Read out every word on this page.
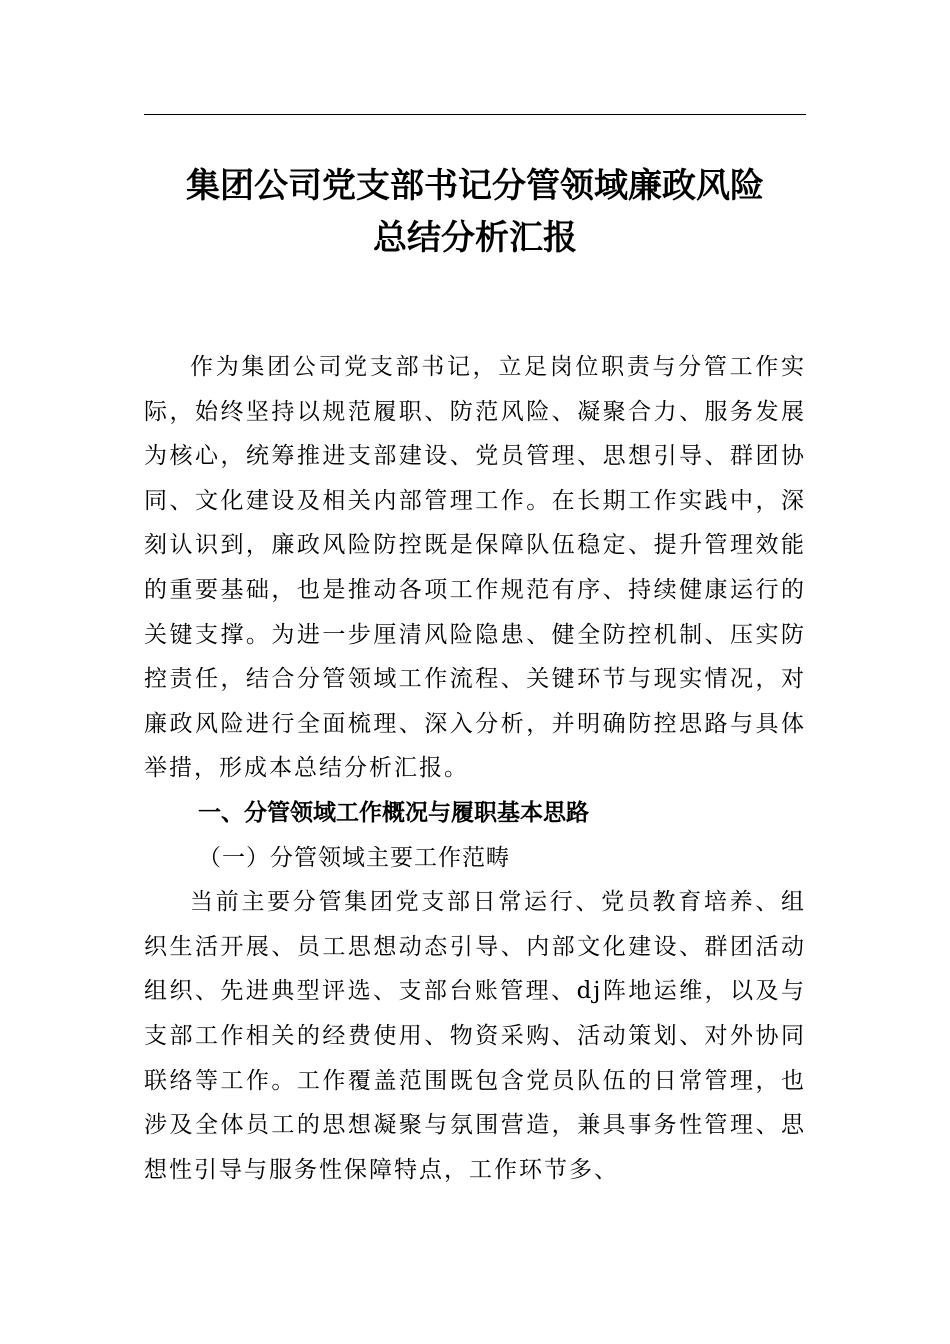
集团公司党支部书记分管领域廉政风险
总结分析汇报

作为集团公司党支部书记，立足岗位职责与分管工作实际，始终坚持以规范履职、防范风险、凝聚合力、服务发展为核心，统筹推进支部建设、党员管理、思想引导、群团协同、文化建设及相关内部管理工作。在长期工作实践中，深刻认识到，廉政风险防控既是保障队伍稳定、提升管理效能的重要基础，也是推动各项工作规范有序、持续健康运行的关键支撑。为进一步厘清风险隐患、健全防控机制、压实防控责任，结合分管领域工作流程、关键环节与现实情况，对廉政风险进行全面梳理、深入分析，并明确防控思路与具体举措，形成本总结分析汇报。

一、分管领域工作概况与履职基本思路

（一）分管领域主要工作范畴

当前主要分管集团党支部日常运行、党员教育培养、组织生活开展、员工思想动态引导、内部文化建设、群团活动组织、先进典型评选、支部台账管理、dj阵地运维，以及与支部工作相关的经费使用、物资采购、活动策划、对外协同联络等工作。工作覆盖范围既包含党员队伍的日常管理，也涉及全体员工的思想凝聚与氛围营造，兼具事务性管理、思想性引导与服务性保障特点，工作环节多、
